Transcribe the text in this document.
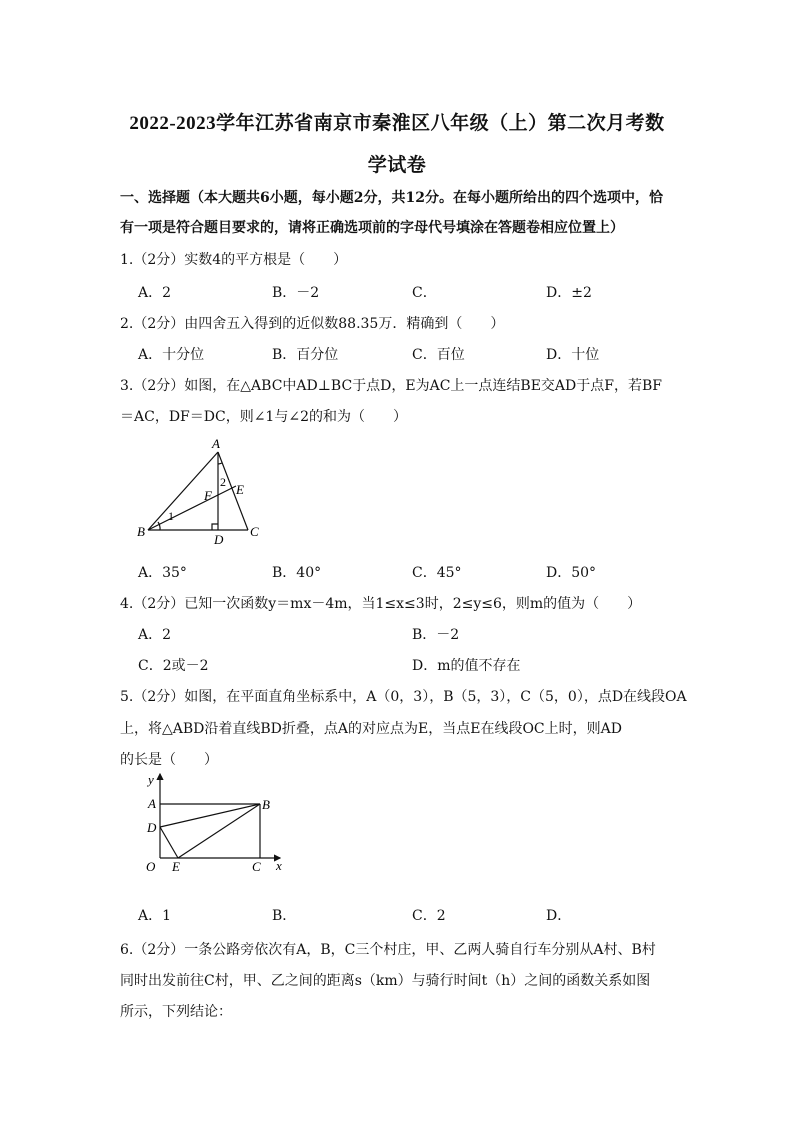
2022-2023学年江苏省南京市秦淮区八年级（上）第二次月考数
学试卷
一、选择题（本大题共6小题，每小题2分，共12分。在每小题所给出的四个选项中，恰
有一项是符合题目要求的，请将正确选项前的字母代号填涂在答题卷相应位置上）
1.（2分）实数4的平方根是（　　）
A．2	B．－2	C．	D．±2
2.（2分）由四舍五入得到的近似数88.35万．精确到（　　）
A．十分位	B．百分位	C．百位	D．十位
3.（2分）如图，在△ABC中AD⊥BC于点D，E为AC上一点连结BE交AD于点F，若BF
＝AC，DF＝DC，则∠1与∠2的和为（　　）
A
B	C
D
E
F
1
2
A．35°	B．40°	C．45°	D．50°
4.（2分）已知一次函数y＝mx－4m，当1≤x≤3时，2≤y≤6，则m的值为（　　）
A．2	B．－2
C．2或－2	D．m的值不存在
5.（2分）如图，在平面直角坐标系中，A（0，3），B（5，3），C（5，0），点D在线段OA
上，将△ABD沿着直线BD折叠，点A的对应点为E，当点E在线段OC上时，则AD
的长是（　　）
y
x
A	B
D
O E	C
A．1	B．	C．2	D．
6.（2分）一条公路旁依次有A，B，C三个村庄，甲、乙两人骑自行车分别从A村、B村
同时出发前往C村，甲、乙之间的距离s（km）与骑行时间t（h）之间的函数关系如图
所示，下列结论：
